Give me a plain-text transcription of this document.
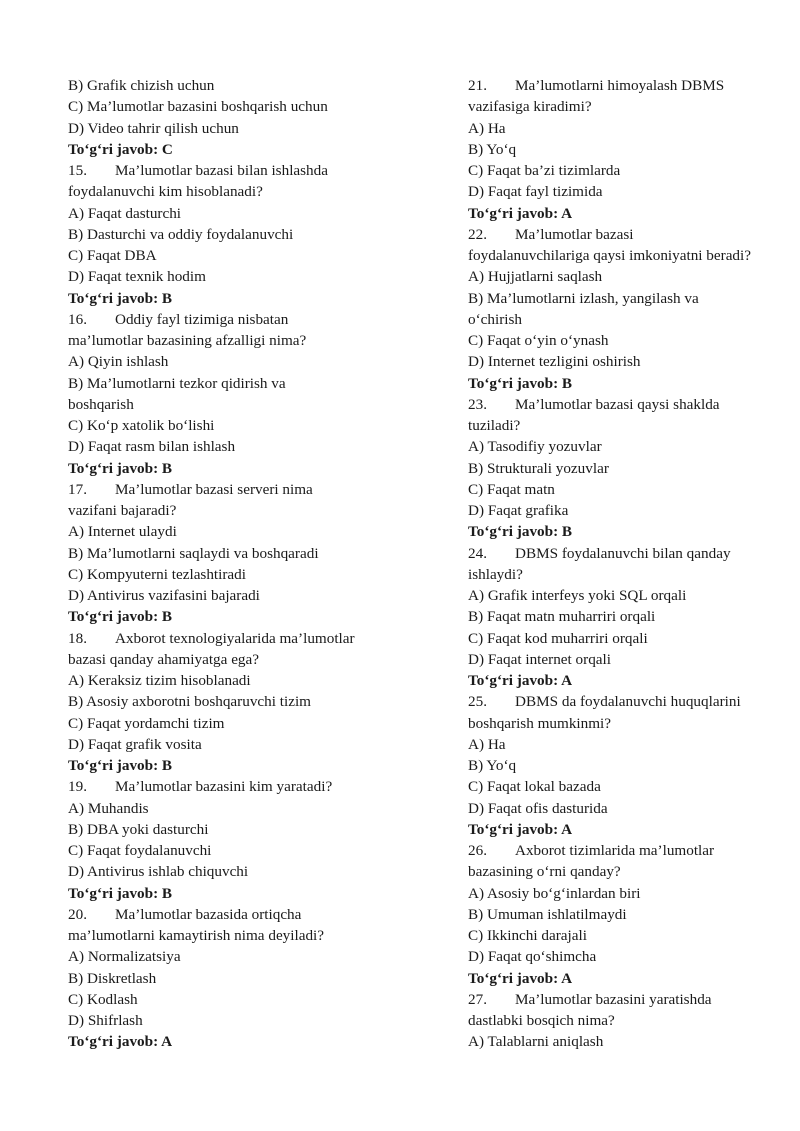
B) Grafik chizish uchun
C) Ma’lumotlar bazasini boshqarish uchun
D) Video tahrir qilish uchun
To‘g‘ri javob: C
15. Ma’lumotlar bazasi bilan ishlashda
foydalanuvchi kim hisoblanadi?
A) Faqat dasturchi
B) Dasturchi va oddiy foydalanuvchi
C) Faqat DBA
D) Faqat texnik hodim
To‘g‘ri javob: B
16. Oddiy fayl tizimiga nisbatan
ma’lumotlar bazasining afzalligi nima?
A) Qiyin ishlash
B) Ma’lumotlarni tezkor qidirish va
boshqarish
C) Ko‘p xatolik bo‘lishi
D) Faqat rasm bilan ishlash
To‘g‘ri javob: B
17. Ma’lumotlar bazasi serveri nima
vazifani bajaradi?
A) Internet ulaydi
B) Ma’lumotlarni saqlaydi va boshqaradi
C) Kompyuterni tezlashtiradi
D) Antivirus vazifasini bajaradi
To‘g‘ri javob: B
18. Axborot texnologiyalarida ma’lumotlar
bazasi qanday ahamiyatga ega?
A) Keraksiz tizim hisoblanadi
B) Asosiy axborotni boshqaruvchi tizim
C) Faqat yordamchi tizim
D) Faqat grafik vosita
To‘g‘ri javob: B
19. Ma’lumotlar bazasini kim yaratadi?
A) Muhandis
B) DBA yoki dasturchi
C) Faqat foydalanuvchi
D) Antivirus ishlab chiquvchi
To‘g‘ri javob: B
20. Ma’lumotlar bazasida ortiqcha
ma’lumotlarni kamaytirish nima deyiladi?
A) Normalizatsiya
B) Diskretlash
C) Kodlash
D) Shifrlash
To‘g‘ri javob: A
21. Ma’lumotlarni himoyalash DBMS
vazifasiga kiradimi?
A) Ha
B) Yo‘q
C) Faqat ba’zi tizimlarda
D) Faqat fayl tizimida
To‘g‘ri javob: A
22. Ma’lumotlar bazasi
foydalanuvchilariga qaysi imkoniyatni beradi?
A) Hujjatlarni saqlash
B) Ma’lumotlarni izlash, yangilash va
o‘chirish
C) Faqat o‘yin o‘ynash
D) Internet tezligini oshirish
To‘g‘ri javob: B
23. Ma’lumotlar bazasi qaysi shaklda
tuziladi?
A) Tasodifiy yozuvlar
B) Strukturali yozuvlar
C) Faqat matn
D) Faqat grafika
To‘g‘ri javob: B
24. DBMS foydalanuvchi bilan qanday
ishlaydi?
A) Grafik interfeys yoki SQL orqali
B) Faqat matn muharriri orqali
C) Faqat kod muharriri orqali
D) Faqat internet orqali
To‘g‘ri javob: A
25. DBMS da foydalanuvchi huquqlarini
boshqarish mumkinmi?
A) Ha
B) Yo‘q
C) Faqat lokal bazada
D) Faqat ofis dasturida
To‘g‘ri javob: A
26. Axborot tizimlarida ma’lumotlar
bazasining o‘rni qanday?
A) Asosiy bo‘g‘inlardan biri
B) Umuman ishlatilmaydi
C) Ikkinchi darajali
D) Faqat qo‘shimcha
To‘g‘ri javob: A
27. Ma’lumotlar bazasini yaratishda
dastlabki bosqich nima?
A) Talablarni aniqlash
